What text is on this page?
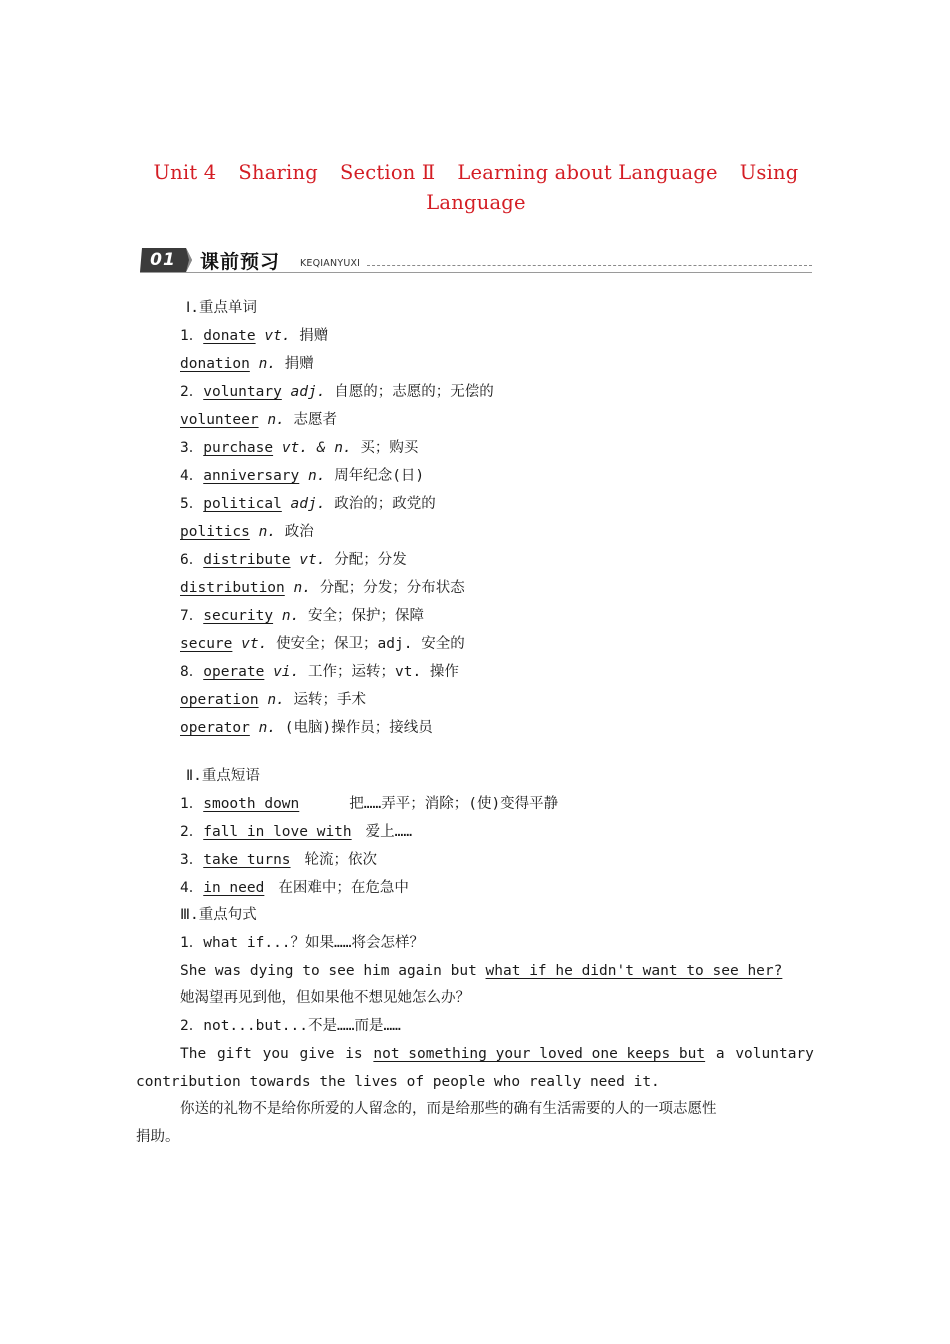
Unit 4 Sharing Section Ⅱ Learning about Language Using
Language
01	课前预习 KEQIANYUXI
Ⅰ.重点单词
1．donate vt. 捐赠
donation n. 捐赠
2．voluntary adj. 自愿的；志愿的；无偿的
volunteer n. 志愿者
3．purchase vt. & n. 买；购买
4．anniversary n. 周年纪念(日)
5．political adj. 政治的；政党的
politics n. 政治
6．distribute vt. 分配；分发
distribution n. 分配；分发；分布状态
7．security n. 安全；保护；保障
secure vt. 使安全；保卫；adj. 安全的
8．operate vi. 工作；运转；vt. 操作
operation n. 运转；手术
operator n. (电脑)操作员；接线员
Ⅱ.重点短语
1．smooth down	把……弄平；消除；(使)变得平静
2．fall in love with 爱上……
3．take turns 轮流；依次
4．in need 在困难中；在危急中
Ⅲ.重点句式
1．what if...？如果……将会怎样？
She was dying to see him again but what if he didn't want to see her?
她渴望再见到他，但如果他不想见她怎么办？
2．not...but...不是……而是……
The gift you give is not something your loved one keeps but a voluntary
contribution towards the lives of people who really need it.
你送的礼物不是给你所爱的人留念的，而是给那些的确有生活需要的人的一项志愿性
捐助。
